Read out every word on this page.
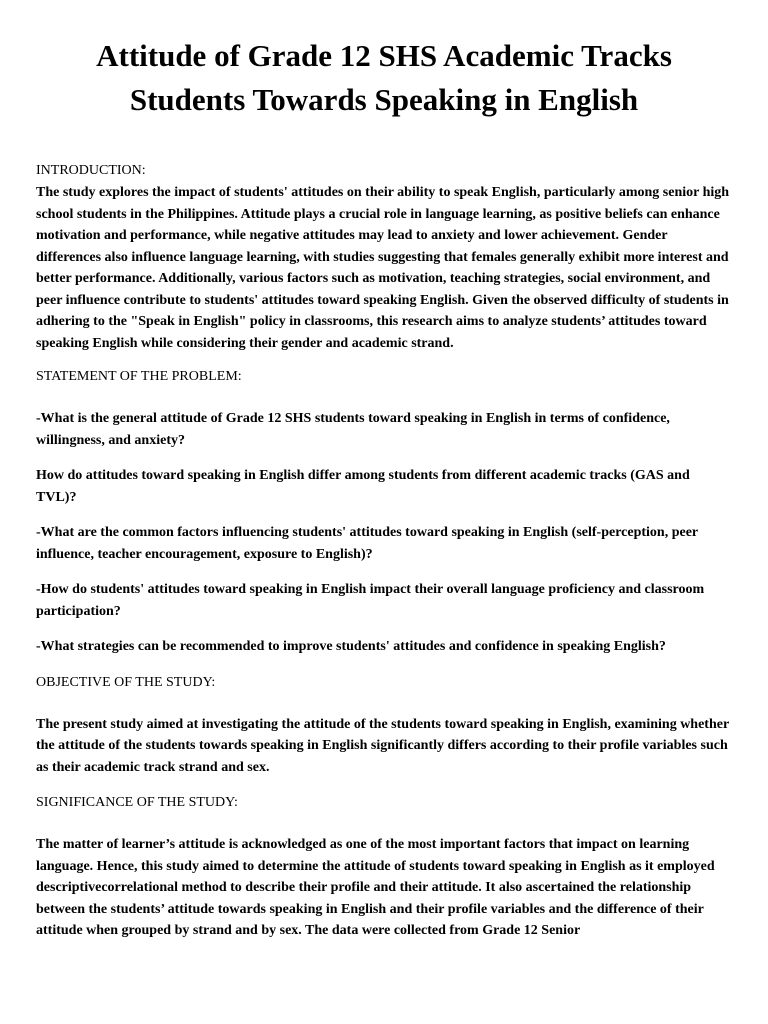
Attitude of Grade 12 SHS Academic Tracks
Students Towards Speaking in English

INTRODUCTION:

The study explores the impact of students' attitudes on their ability to speak English, particularly among senior high school students in the Philippines. Attitude plays a crucial role in language learning, as positive beliefs can enhance motivation and performance, while negative attitudes may lead to anxiety and lower achievement. Gender differences also influence language learning, with studies suggesting that females generally exhibit more interest and better performance. Additionally, various factors such as motivation, teaching strategies, social environment, and peer influence contribute to students' attitudes toward speaking English. Given the observed difficulty of students in adhering to the "Speak in English" policy in classrooms, this research aims to analyze students’ attitudes toward speaking English while considering their gender and academic strand.

STATEMENT OF THE PROBLEM:

-What is the general attitude of Grade 12 SHS students toward speaking in English in terms of confidence, willingness, and anxiety?

How do attitudes toward speaking in English differ among students from different academic tracks (GAS and TVL)?

-What are the common factors influencing students' attitudes toward speaking in English (self-perception, peer influence, teacher encouragement, exposure to English)?

-How do students' attitudes toward speaking in English impact their overall language proficiency and classroom participation?

-What strategies can be recommended to improve students' attitudes and confidence in speaking English?

OBJECTIVE OF THE STUDY:

The present study aimed at investigating the attitude of the students toward speaking in English, examining whether the attitude of the students towards speaking in English significantly differs according to their profile variables such as their academic track strand and sex.

SIGNIFICANCE OF THE STUDY:

The matter of learner’s attitude is acknowledged as one of the most important factors that impact on learning language. Hence, this study aimed to determine the attitude of students toward speaking in English as it employed descriptivecorrelational method to describe their profile and their attitude. It also ascertained the relationship between the students’ attitude towards speaking in English and their profile variables and the difference of their attitude when grouped by strand and by sex. The data were collected from Grade 12 Senior
